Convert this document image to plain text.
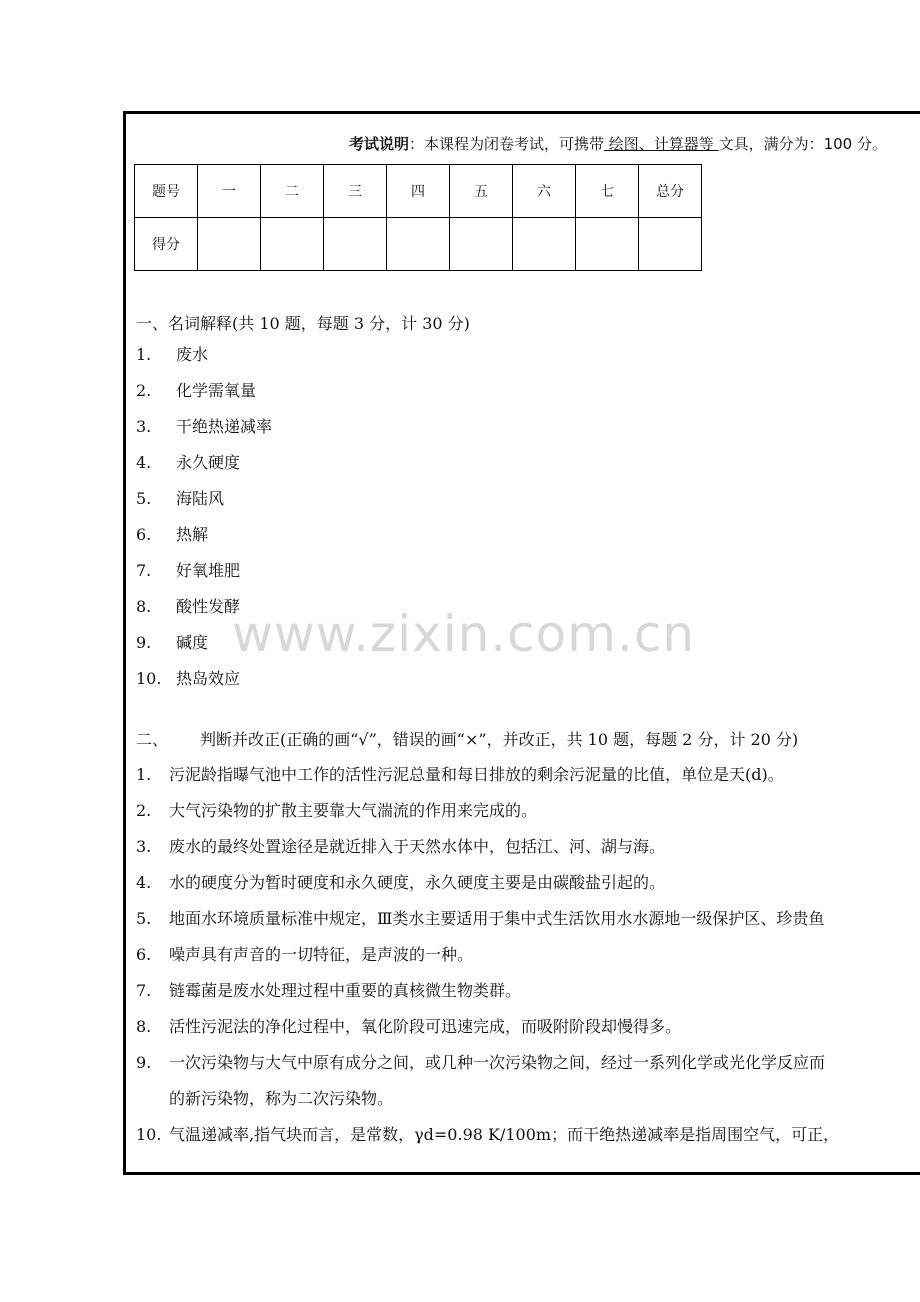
考试说明：本课程为闭卷考试，可携带 绘图、计算器等 文具，满分为：100 分。
题号	一	二	三	四	五	六	七	总分
得分								
一、名词解释(共 10 题，每题 3 分，计 30 分)
1. 废水
2. 化学需氧量
3. 干绝热递减率
4. 永久硬度
5. 海陆风
6. 热解
7. 好氧堆肥
8. 酸性发酵
9. 碱度
10. 热岛效应
二、 判断并改正(正确的画“√”，错误的画“×”，并改正，共 10 题，每题 2 分，计 20 分)
1. 污泥龄指曝气池中工作的活性污泥总量和每日排放的剩余污泥量的比值，单位是天(d)。
2. 大气污染物的扩散主要靠大气湍流的作用来完成的。
3. 废水的最终处置途径是就近排入于天然水体中，包括江、河、湖与海。
4. 水的硬度分为暂时硬度和永久硬度，永久硬度主要是由碳酸盐引起的。
5. 地面水环境质量标准中规定，Ⅲ类水主要适用于集中式生活饮用水水源地一级保护区、珍贵鱼
6. 噪声具有声音的一切特征，是声波的一种。
7. 链霉菌是废水处理过程中重要的真核微生物类群。
8. 活性污泥法的净化过程中，氧化阶段可迅速完成，而吸附阶段却慢得多。
9. 一次污染物与大气中原有成分之间，或几种一次污染物之间，经过一系列化学或光化学反应而
的新污染物，称为二次污染物。
10. 气温递减率,指气块而言，是常数，γd=0.98 K/100m；而干绝热递减率是指周围空气，可正，
www.zixin.com.cn
